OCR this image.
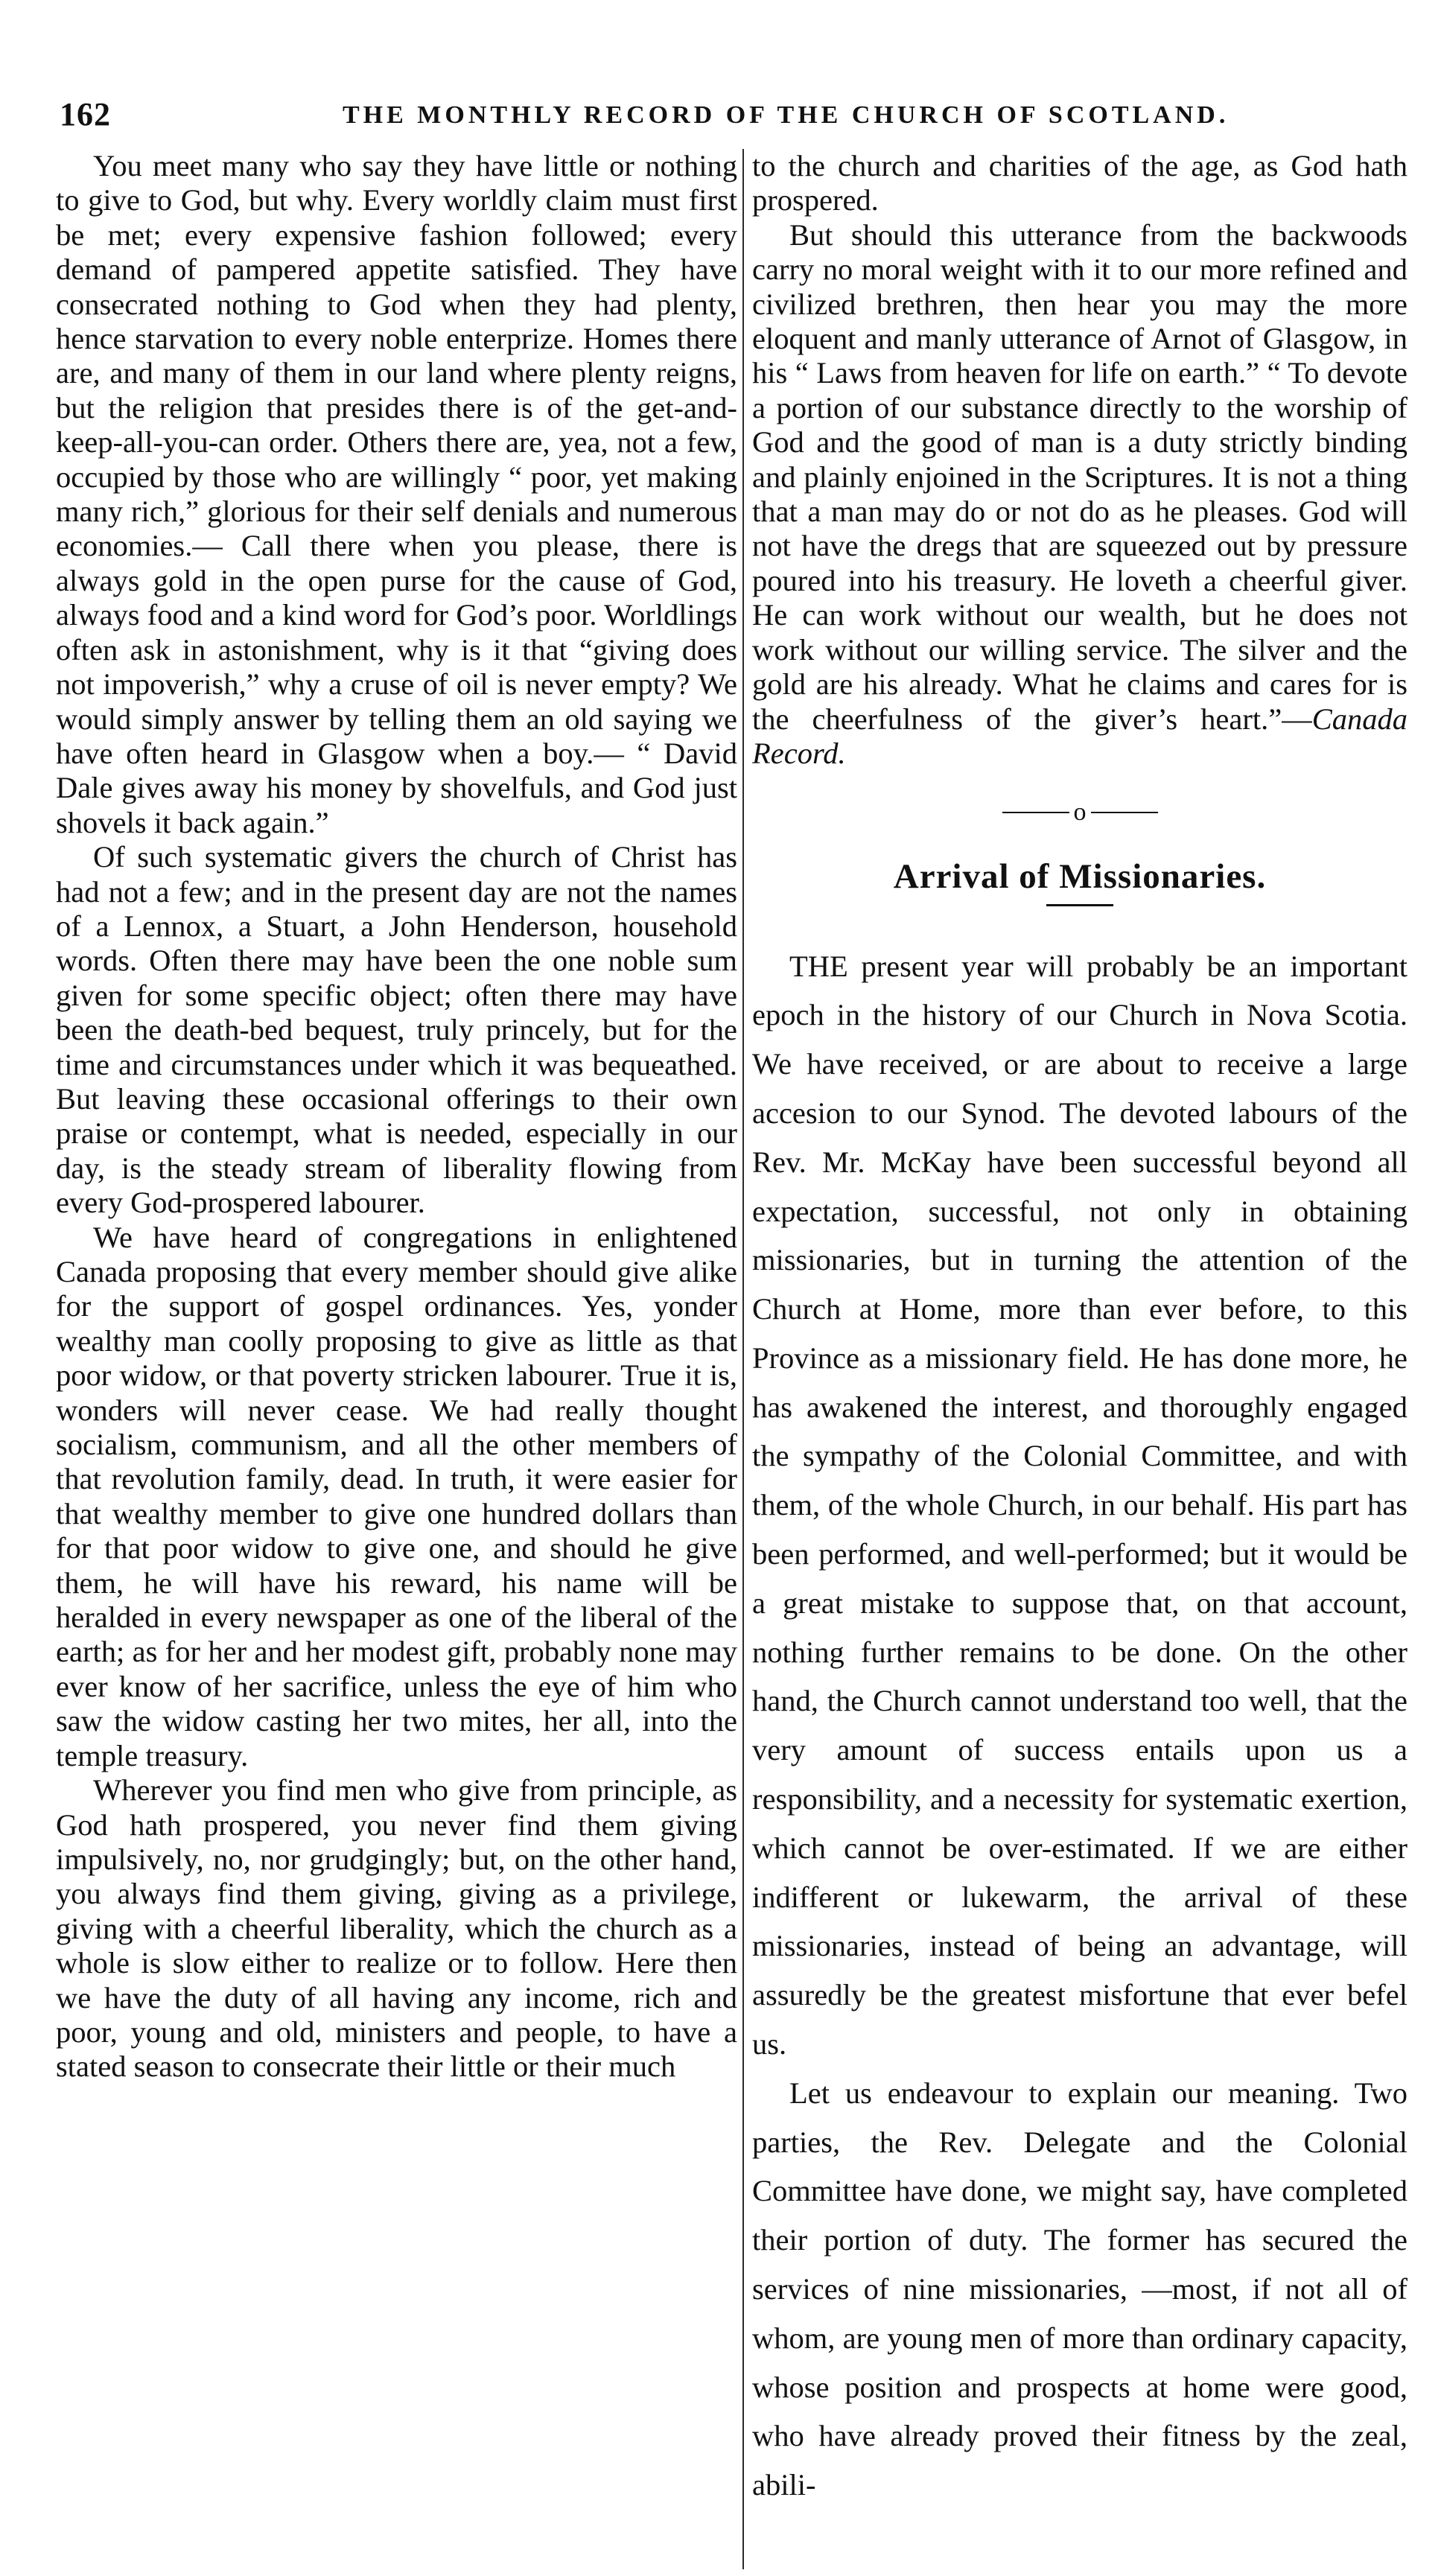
162	THE MONTHLY RECORD OF THE CHURCH OF SCOTLAND.

You meet many who say they have little or nothing to give to God, but why. Every worldly claim must first be met; every expensive fashion followed; every demand of pampered appetite satisfied. They have consecrated nothing to God when they had plenty, hence starvation to every noble enterprize. Homes there are, and many of them in our land where plenty reigns, but the religion that presides there is of the get-and-keep-all-you-can order. Others there are, yea, not a few, occupied by those who are willingly “ poor, yet making many rich,” glorious for their self denials and numerous economies.— Call there when you please, there is always gold in the open purse for the cause of God, always food and a kind word for God’s poor. Worldlings often ask in astonishment, why is it that “giving does not impoverish,” why a cruse of oil is never empty? We would simply answer by telling them an old saying we have often heard in Glasgow when a boy.— “ David Dale gives away his money by shovelfuls, and God just shovels it back again.”

Of such systematic givers the church of Christ has had not a few; and in the present day are not the names of a Lennox, a Stuart, a John Henderson, household words. Often there may have been the one noble sum given for some specific object; often there may have been the death-bed bequest, truly princely, but for the time and circumstances under which it was bequeathed. But leaving these occasional offerings to their own praise or contempt, what is needed, especially in our day, is the steady stream of liberality flowing from every God-prospered labourer.

We have heard of congregations in enlightened Canada proposing that every member should give alike for the support of gospel ordinances. Yes, yonder wealthy man coolly proposing to give as little as that poor widow, or that poverty stricken labourer. True it is, wonders will never cease. We had really thought socialism, communism, and all the other members of that revolution family, dead. In truth, it were easier for that wealthy member to give one hundred dollars than for that poor widow to give one, and should he give them, he will have his reward, his name will be heralded in every newspaper as one of the liberal of the earth; as for her and her modest gift, probably none may ever know of her sacrifice, unless the eye of him who saw the widow casting her two mites, her all, into the temple treasury.

Wherever you find men who give from principle, as God hath prospered, you never find them giving impulsively, no, nor grudgingly; but, on the other hand, you always find them giving, giving as a privilege, giving with a cheerful liberality, which the church as a whole is slow either to realize or to follow. Here then we have the duty of all having any income, rich and poor, young and old, ministers and people, to have a stated season to consecrate their little or their much

to the church and charities of the age, as God hath prospered.

But should this utterance from the backwoods carry no moral weight with it to our more refined and civilized brethren, then hear you may the more eloquent and manly utterance of Arnot of Glasgow, in his “ Laws from heaven for life on earth.” “ To devote a portion of our substance directly to the worship of God and the good of man is a duty strictly binding and plainly enjoined in the Scriptures. It is not a thing that a man may do or not do as he pleases. God will not have the dregs that are squeezed out by pressure poured into his treasury. He loveth a cheerful giver. He can work without our wealth, but he does not work without our willing service. The silver and the gold are his already. What he claims and cares for is the cheerfulness of the giver’s heart.”—Canada Record.

o
Arrival of Missionaries.

THE present year will probably be an important epoch in the history of our Church in Nova Scotia. We have received, or are about to receive a large accesion to our Synod. The devoted labours of the Rev. Mr. McKay have been successful beyond all expectation, successful, not only in obtaining missionaries, but in turning the attention of the Church at Home, more than ever before, to this Province as a missionary field. He has done more, he has awakened the interest, and thoroughly engaged the sympathy of the Colonial Committee, and with them, of the whole Church, in our behalf. His part has been performed, and well-performed; but it would be a great mistake to suppose that, on that account, nothing further remains to be done. On the other hand, the Church cannot understand too well, that the very amount of success entails upon us a responsibility, and a necessity for systematic exertion, which cannot be over-estimated. If we are either indifferent or lukewarm, the arrival of these missionaries, instead of being an advantage, will assuredly be the greatest misfortune that ever befel us.

Let us endeavour to explain our meaning. Two parties, the Rev. Delegate and the Colonial Committee have done, we might say, have completed their portion of duty. The former has secured the services of nine missionaries, —most, if not all of whom, are young men of more than ordinary capacity, whose position and prospects at home were good, who have already proved their fitness by the zeal, abili-
